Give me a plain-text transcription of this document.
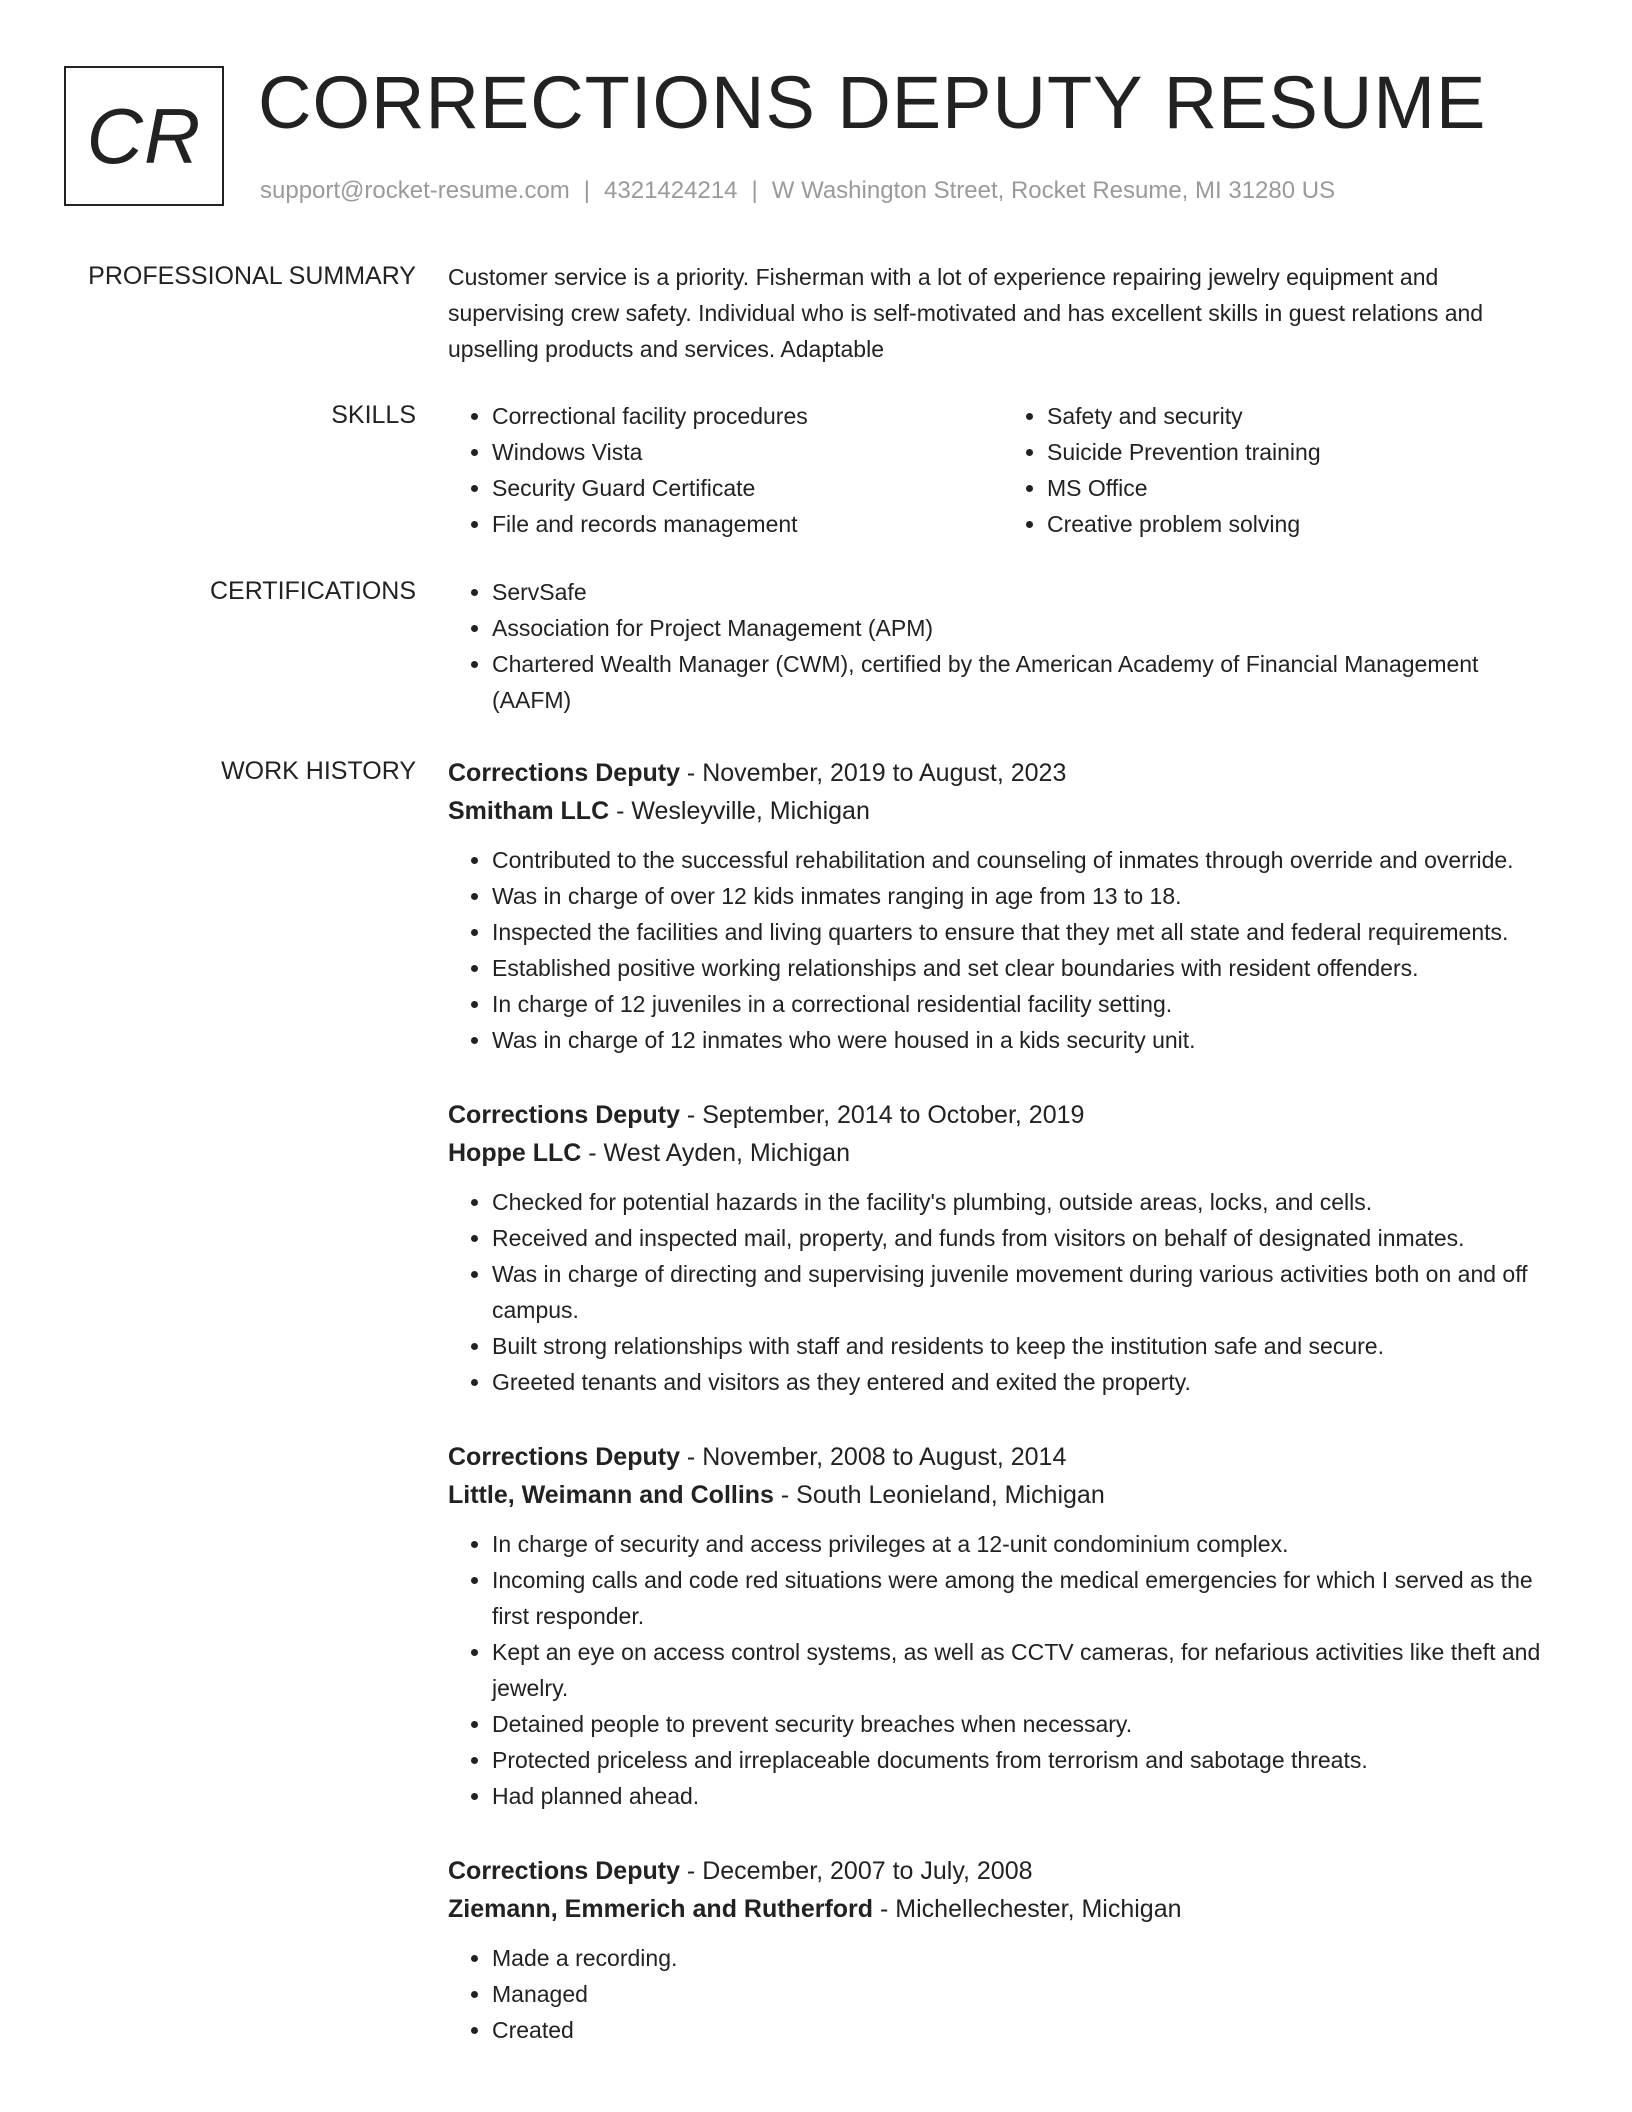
CR CORRECTIONS DEPUTY RESUME
support@rocket-resume.com | 4321424214 | W Washington Street, Rocket Resume, MI 31280 US
PROFESSIONAL SUMMARY Customer service is a priority. Fisherman with a lot of experience repairing jewelry equipment and supervising crew safety. Individual who is self-motivated and has excellent skills in guest relations and upselling products and services. Adaptable
SKILLS	• Correctional facility procedures
• Windows Vista
• Security Guard Certificate
• File and records management
• Safety and security
• Suicide Prevention training
• MS Office
• Creative problem solving
CERTIFICATIONS	• ServSafe
• Association for Project Management (APM)
• Chartered Wealth Manager (CWM), certified by the American Academy of Financial Management (AAFM)
WORK HISTORY Corrections Deputy - November, 2019 to August, 2023
Smitham LLC - Wesleyville, Michigan
• Contributed to the successful rehabilitation and counseling of inmates through override and override.
• Was in charge of over 12 kids inmates ranging in age from 13 to 18.
• Inspected the facilities and living quarters to ensure that they met all state and federal requirements.
• Established positive working relationships and set clear boundaries with resident offenders.
• In charge of 12 juveniles in a correctional residential facility setting.
• Was in charge of 12 inmates who were housed in a kids security unit.
Corrections Deputy - September, 2014 to October, 2019
Hoppe LLC - West Ayden, Michigan
• Checked for potential hazards in the facility's plumbing, outside areas, locks, and cells.
• Received and inspected mail, property, and funds from visitors on behalf of designated inmates.
• Was in charge of directing and supervising juvenile movement during various activities both on and off campus.
• Built strong relationships with staff and residents to keep the institution safe and secure.
• Greeted tenants and visitors as they entered and exited the property.
Corrections Deputy - November, 2008 to August, 2014
Little, Weimann and Collins - South Leonieland, Michigan
• In charge of security and access privileges at a 12-unit condominium complex.
• Incoming calls and code red situations were among the medical emergencies for which I served as the first responder.
• Kept an eye on access control systems, as well as CCTV cameras, for nefarious activities like theft and jewelry.
• Detained people to prevent security breaches when necessary.
• Protected priceless and irreplaceable documents from terrorism and sabotage threats.
• Had planned ahead.
Corrections Deputy - December, 2007 to July, 2008
Ziemann, Emmerich and Rutherford - Michellechester, Michigan
• Made a recording.
• Managed
• Created
